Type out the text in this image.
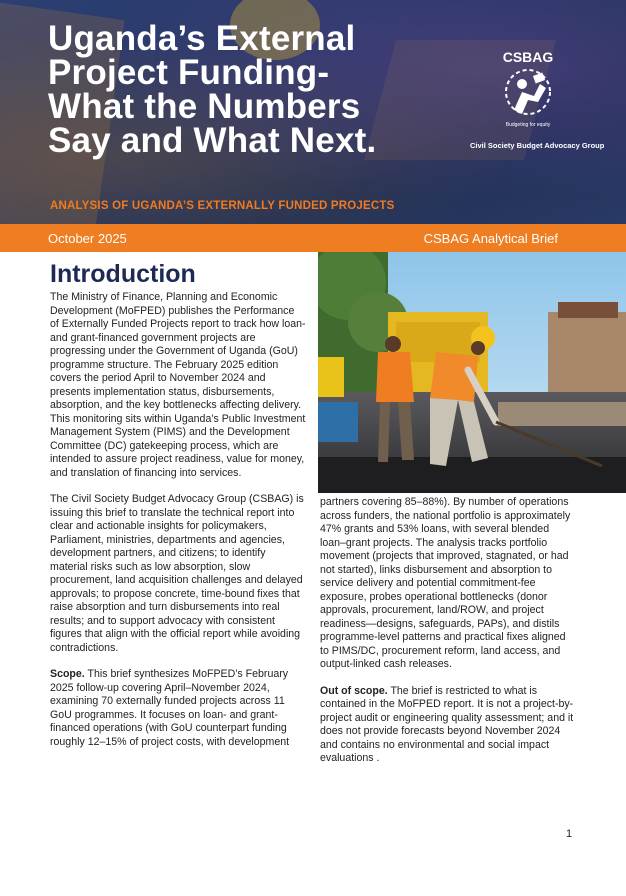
Uganda’s External Project Funding- What the Numbers Say and What Next.
CSBAG
Budgeting for equity
Civil Society Budget Advocacy Group
ANALYSIS OF UGANDA’S EXTERNALLY FUNDED PROJECTS
October 2025	CSBAG Analytical Brief
Introduction

The Ministry of Finance, Planning and Economic Development (MoFPED) publishes the Performance of Externally Funded Projects report to track how loan- and grant-financed government projects are progressing under the Government of Uganda (GoU) programme structure. The February 2025 edition covers the period April to November 2024 and presents implementation status, disbursements, absorption, and the key bottlenecks affecting delivery. This monitoring sits within Uganda’s Public Investment Management System (PIMS) and the Development Committee (DC) gatekeeping process, which are intended to assure project readiness, value for money, and translation of financing into services.

The Civil Society Budget Advocacy Group (CSBAG) is issuing this brief to translate the technical report into clear and actionable insights for policymakers, Parliament, ministries, departments and agencies, development partners, and citizens; to identify material risks such as low absorption, slow procurement, land acquisition challenges and delayed approvals; to propose concrete, time-bound fixes that raise absorption and turn disbursements into real results; and to support advocacy with consistent figures that align with the official report while avoiding contradictions.

Scope. This brief synthesizes MoFPED’s February 2025 follow-up covering April–November 2024, examining 70 externally funded projects across 11 GoU programmes. It focuses on loan- and grant-financed operations (with GoU counterpart funding roughly 12–15% of project costs, with development

partners covering 85–88%). By number of operations across funders, the national portfolio is approximately 47% grants and 53% loans, with several blended loan–grant projects. The analysis tracks portfolio movement (projects that improved, stagnated, or had not started), links disbursement and absorption to service delivery and potential commitment-fee exposure, probes operational bottlenecks (donor approvals, procurement, land/ROW, and project readiness—designs, safeguards, PAPs), and distils programme-level patterns and practical fixes aligned to PIMS/DC, procurement reform, land access, and output-linked cash releases.

Out of scope. The brief is restricted to what is contained in the MoFPED report. It is not a project-by-project audit or engineering quality assessment; and it does not provide forecasts beyond November 2024 and contains no environmental and social impact evaluations .

1
